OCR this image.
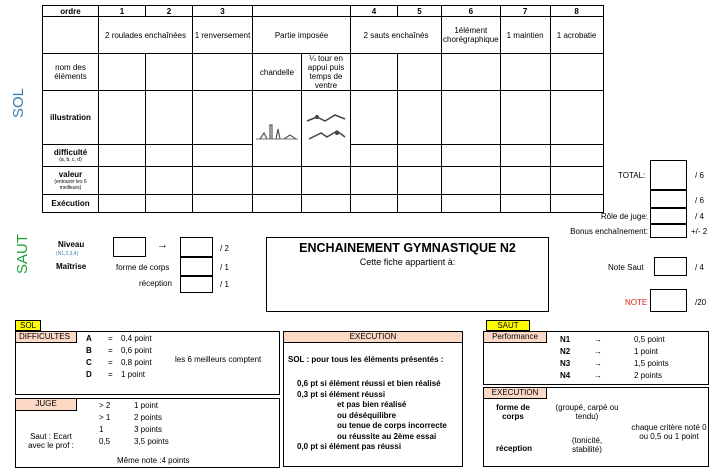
SOL
SAUT
ordre	1	2	3			4	5	6	7	8
	2 roulades enchaînées		1 renversement	Partie imposée		2 sauts enchaînés		1élément chorégraphique	1 maintien	1 acrobatie
nom des éléments				chandelle	¼ tour en appui puis temps de ventre					
illustration										

difficulté
(a, b, c, d)										

valeur
(entourer les 6 meilleurs)										

Exécution										
TOTAL:	/ 6
/ 6
Rôle de juge:	/ 4
Bonus enchaînement:	+/- 2
Note Saut	/ 4
NOTE	/20
Niveau
(N1,2,3,4)
Maîtrise
→	/ 2
forme de corps	/ 1
réception	/ 1
ENCHAINEMENT GYMNASTIQUE N2
Cette fiche appartient à:
SOL
DIFFICULTES	A = 0,4 point
B = 0,6 point
C = 0,8 point
D = 1 point
les 6 meilleurs comptent
JUGE
Saut : Ecart avec le prof :
> 2	1 point
> 1	2 points
1	3 points
0,5	3,5 points
Même note :4 points
EXECUTION
SOL : pour tous les éléments présentés :
0,6 pt si élément réussi et bien réalisé
0,3 pt si élément réussi
et pas bien réalisé
ou déséquilibre
ou tenue de corps incorrecte
ou réussite au 2ème essai
0,0 pt si élément pas réussi
SAUT
Performance	N1	→	0,5 point
N2	→	1 point
N3	→	1,5 points
N4	→	2 points
EXECUTION
forme de corps
(groupé, carpé ou tendu)
réception
(tonicité, stabilité)
chaque critère noté 0 ou 0,5 ou 1 point
